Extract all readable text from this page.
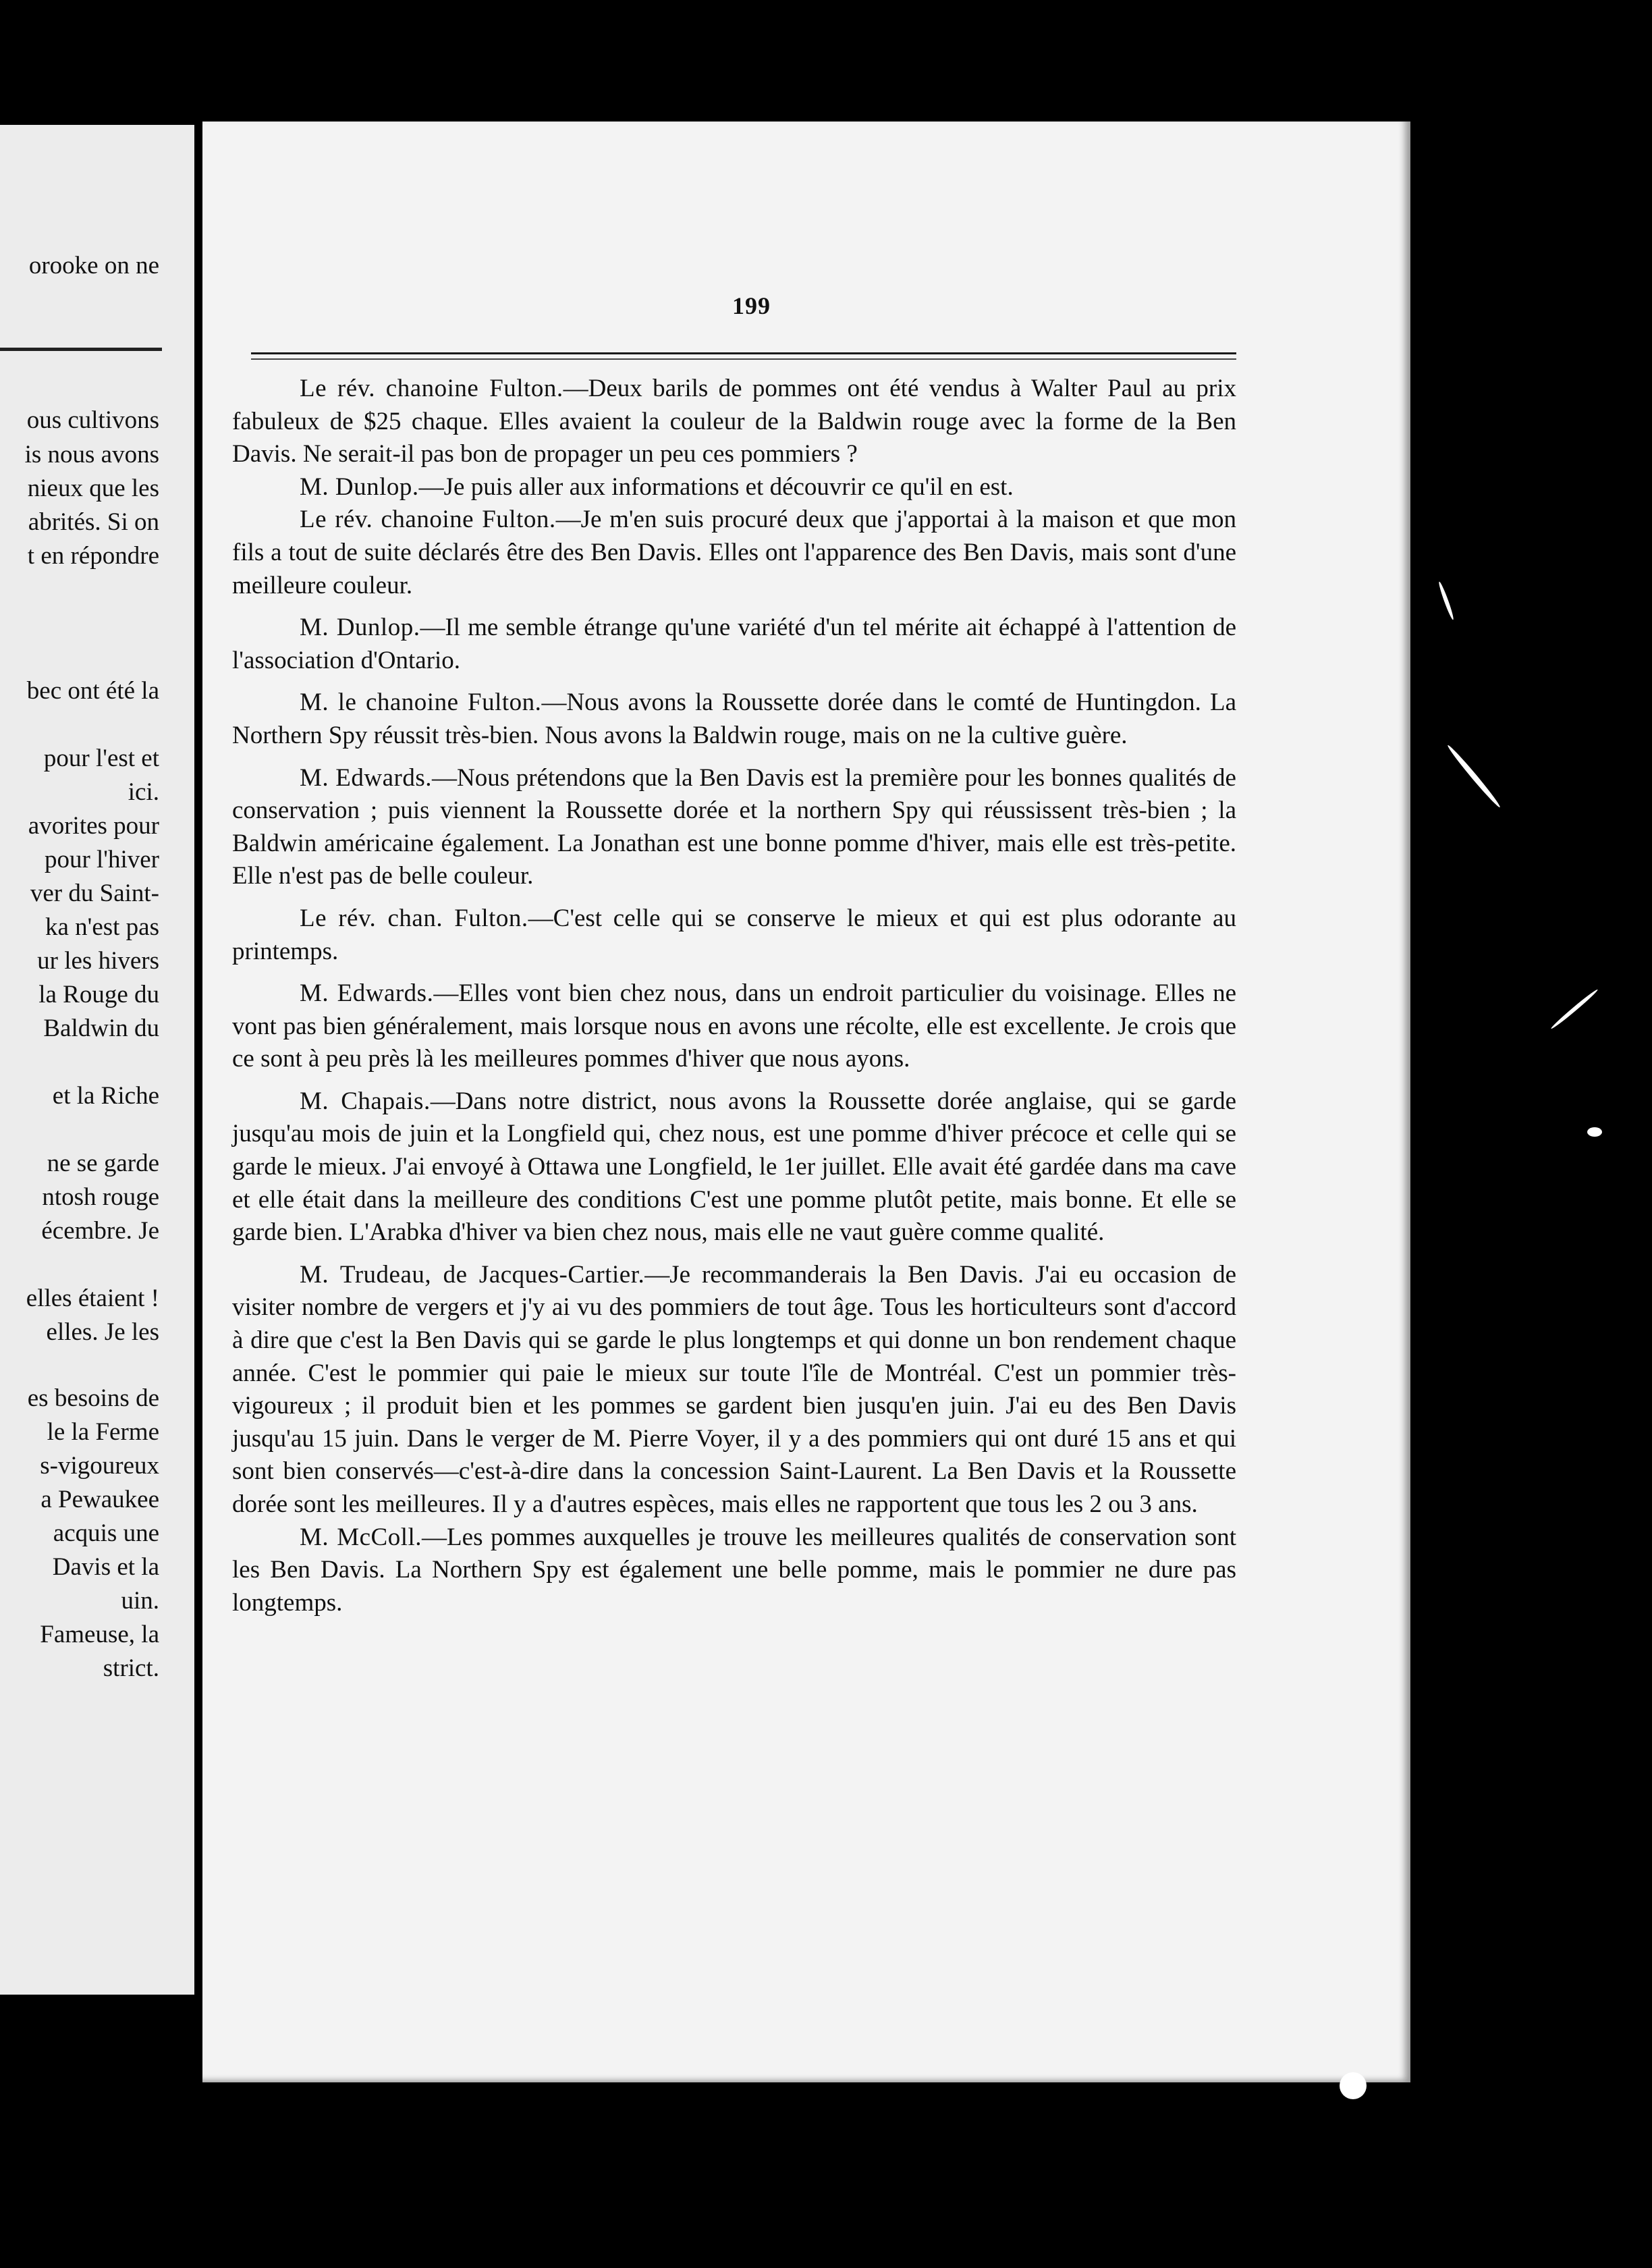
orooke on ne
ous cultivons
is nous avons
nieux que les
abrités. Si on
t en répondre
bec ont été la
pour l'est et
ici.
avorites pour
pour l'hiver
ver du Saint-
ka n'est pas
ur les hivers
la Rouge du
Baldwin du
et la Riche
ne se garde
ntosh rouge
écembre. Je
elles étaient !
elles. Je les
es besoins de
le la Ferme
s-vigoureux
a Pewaukee
acquis une
Davis et la
uin.
Fameuse, la
strict.
199

Le rév. chanoine Fulton.—Deux barils de pommes ont été vendus à Walter Paul au prix fabuleux de $25 chaque. Elles avaient la couleur de la Baldwin rouge avec la forme de la Ben Davis. Ne serait-il pas bon de propager un peu ces pommiers ?

M. Dunlop.—Je puis aller aux informations et découvrir ce qu'il en est.

Le rév. chanoine Fulton.—Je m'en suis procuré deux que j'apportai à la maison et que mon fils a tout de suite déclarés être des Ben Davis. Elles ont l'apparence des Ben Davis, mais sont d'une meilleure couleur.

M. Dunlop.—Il me semble étrange qu'une variété d'un tel mérite ait échappé à l'attention de l'association d'Ontario.

M. le chanoine Fulton.—Nous avons la Roussette dorée dans le comté de Huntingdon. La Northern Spy réussit très-bien. Nous avons la Baldwin rouge, mais on ne la cultive guère.

M. Edwards.—Nous prétendons que la Ben Davis est la première pour les bonnes qualités de conservation ; puis viennent la Roussette dorée et la northern Spy qui réussissent très-bien ; la Baldwin américaine également. La Jonathan est une bonne pomme d'hiver, mais elle est très-petite. Elle n'est pas de belle couleur.

Le rév. chan. Fulton.—C'est celle qui se conserve le mieux et qui est plus odorante au printemps.

M. Edwards.—Elles vont bien chez nous, dans un endroit particulier du voisinage. Elles ne vont pas bien généralement, mais lorsque nous en avons une récolte, elle est excellente. Je crois que ce sont à peu près là les meilleures pommes d'hiver que nous ayons.

M. Chapais.—Dans notre district, nous avons la Roussette dorée anglaise, qui se garde jusqu'au mois de juin et la Longfield qui, chez nous, est une pomme d'hiver précoce et celle qui se garde le mieux. J'ai envoyé à Ottawa une Longfield, le 1er juillet. Elle avait été gardée dans ma cave et elle était dans la meilleure des conditions C'est une pomme plutôt petite, mais bonne. Et elle se garde bien. L'Arabka d'hiver va bien chez nous, mais elle ne vaut guère comme qualité.

M. Trudeau, de Jacques-Cartier.—Je recommanderais la Ben Davis. J'ai eu occasion de visiter nombre de vergers et j'y ai vu des pommiers de tout âge. Tous les horticulteurs sont d'accord à dire que c'est la Ben Davis qui se garde le plus longtemps et qui donne un bon rendement chaque année. C'est le pommier qui paie le mieux sur toute l'île de Montréal. C'est un pommier très-vigoureux ; il produit bien et les pommes se gardent bien jusqu'en juin. J'ai eu des Ben Davis jusqu'au 15 juin. Dans le verger de M. Pierre Voyer, il y a des pommiers qui ont duré 15 ans et qui sont bien conservés—c'est-à-dire dans la concession Saint-Laurent. La Ben Davis et la Roussette dorée sont les meilleures. Il y a d'autres espèces, mais elles ne rapportent que tous les 2 ou 3 ans.

M. McColl.—Les pommes auxquelles je trouve les meilleures qualités de conservation sont les Ben Davis. La Northern Spy est également une belle pomme, mais le pommier ne dure pas longtemps.
